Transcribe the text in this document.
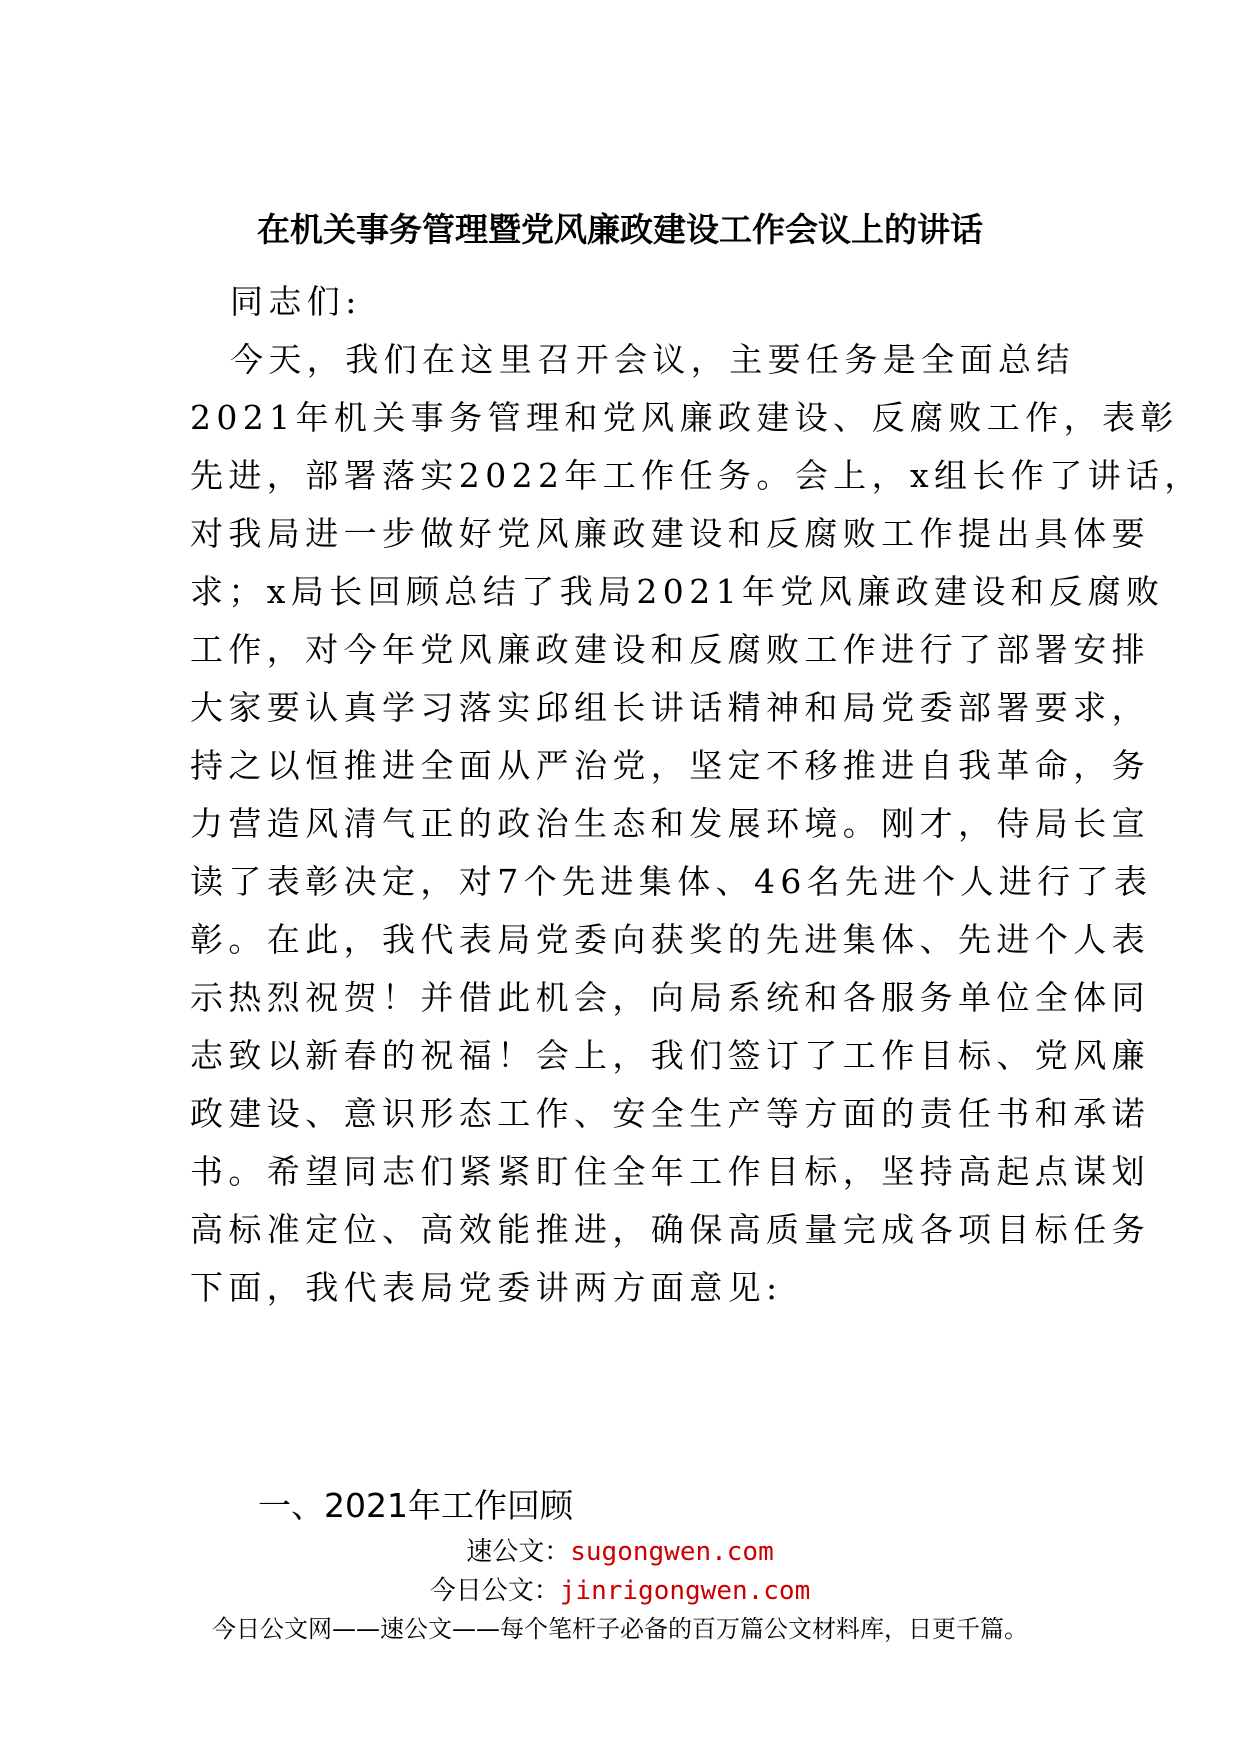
在机关事务管理暨党风廉政建设工作会议上的讲话
同志们:
今天，我们在这里召开会议，主要任务是全面总结
2021年机关事务管理和党风廉政建设、反腐败工作，表彰
先进，部署落实2022年工作任务。会上，x组长作了讲话，
对我局进一步做好党风廉政建设和反腐败工作提出具体要
求；x局长回顾总结了我局2021年党风廉政建设和反腐败
工作，对今年党风廉政建设和反腐败工作进行了部署安排
大家要认真学习落实邱组长讲话精神和局党委部署要求，
持之以恒推进全面从严治党，坚定不移推进自我革命，务
力营造风清气正的政治生态和发展环境。刚才，侍局长宣
读了表彰决定，对7个先进集体、46名先进个人进行了表
彰。在此，我代表局党委向获奖的先进集体、先进个人表
示热烈祝贺！并借此机会，向局系统和各服务单位全体同
志致以新春的祝福！会上，我们签订了工作目标、党风廉
政建设、意识形态工作、安全生产等方面的责任书和承诺
书。希望同志们紧紧盯住全年工作目标，坚持高起点谋划
高标准定位、高效能推进，确保高质量完成各项目标任务
下面，我代表局党委讲两方面意见:
一、2021年工作回顾
速公文：sugongwen.com
今日公文：jinrigongwen.com
今日公文网——速公文——每个笔杆子必备的百万篇公文材料库，日更千篇。
